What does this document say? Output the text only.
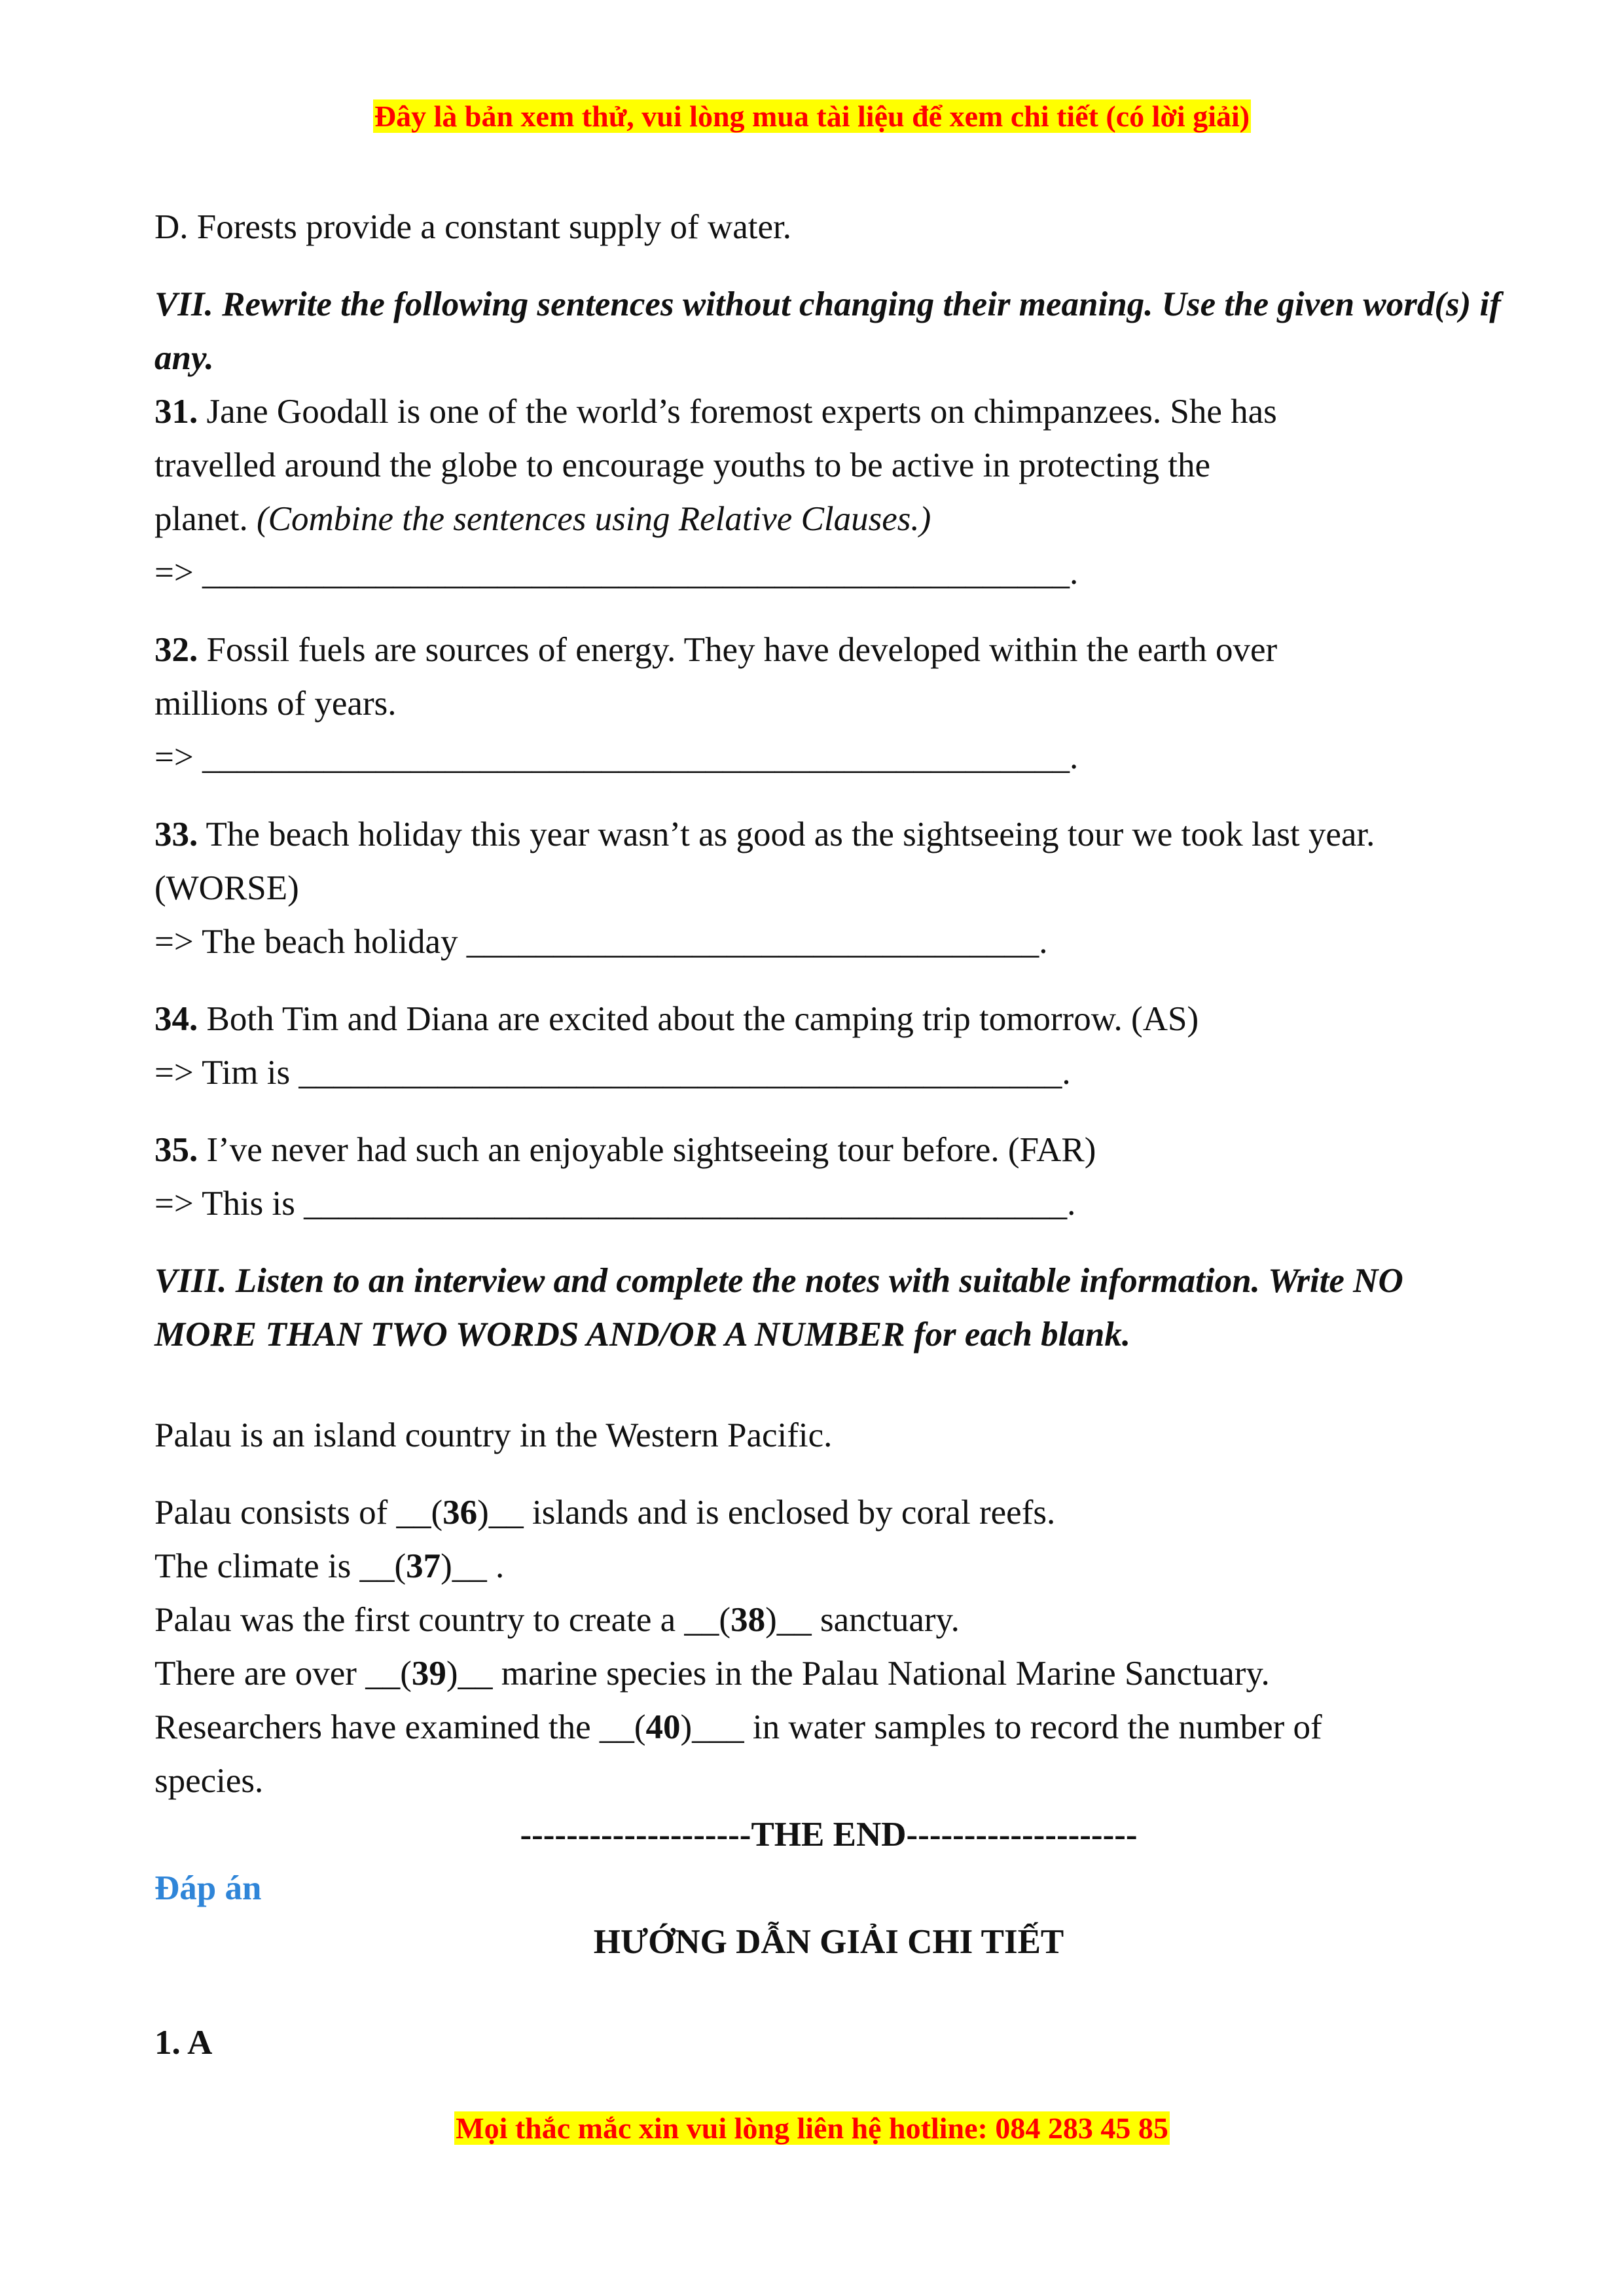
Đây là bản xem thử, vui lòng mua tài liệu để xem chi tiết (có lời giải)

D. Forests provide a constant supply of water.

VII. Rewrite the following sentences without changing their meaning. Use the given word(s) if any.

31. Jane Goodall is one of the world’s foremost experts on chimpanzees. She has

travelled around the globe to encourage youths to be active in protecting the

planet. (Combine the sentences using Relative Clauses.)

=> __________________________________________________.

32. Fossil fuels are sources of energy. They have developed within the earth over

millions of years.

=> __________________________________________________.

33. The beach holiday this year wasn’t as good as the sightseeing tour we took last year.

(WORSE)

=> The beach holiday _________________________________.

34. Both Tim and Diana are excited about the camping trip tomorrow. (AS)

=> Tim is ____________________________________________.

35. I’ve never had such an enjoyable sightseeing tour before. (FAR)

=> This is ____________________________________________.

VIII. Listen to an interview and complete the notes with suitable information. Write NO MORE THAN TWO WORDS AND/OR A NUMBER for each blank.

Palau is an island country in the Western Pacific.

Palau consists of __(36)__ islands and is enclosed by coral reefs.

The climate is __(37)__ .

Palau was the first country to create a __(38)__ sanctuary.

There are over __(39)__ marine species in the Palau National Marine Sanctuary.

Researchers have examined the __(40)___ in water samples to record the number of

species.

--------------------THE END--------------------

Đáp án

HƯỚNG DẪN GIẢI CHI TIẾT

1. A

Mọi thắc mắc xin vui lòng liên hệ hotline: 084 283 45 85
